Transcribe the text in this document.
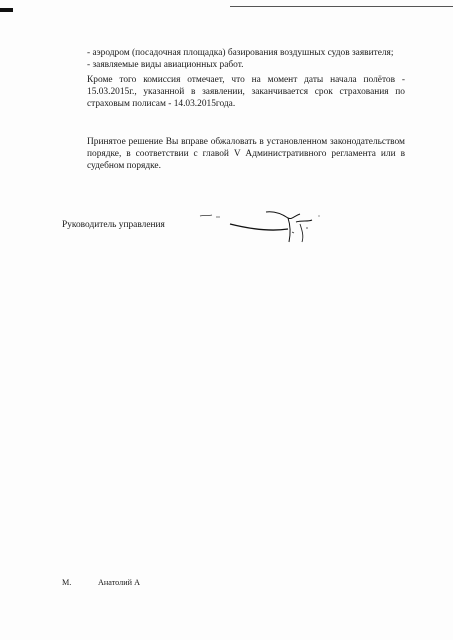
- аэродром (посадочная площадка) базирования воздушных судов заявителя;

- заявляемые виды авиационных работ.

Кроме того комиссия отмечает, что на момент даты начала полётов - 15.03.2015г., указанной в заявлении, заканчивается срок страхования по страховым полисам - 14.03.2015года.

Принятое решение Вы вправе обжаловать в установленном законодательством порядке, в соответствии с главой V Административного регламента или в судебном порядке.

Руководитель управления
М.	Анатолий А
